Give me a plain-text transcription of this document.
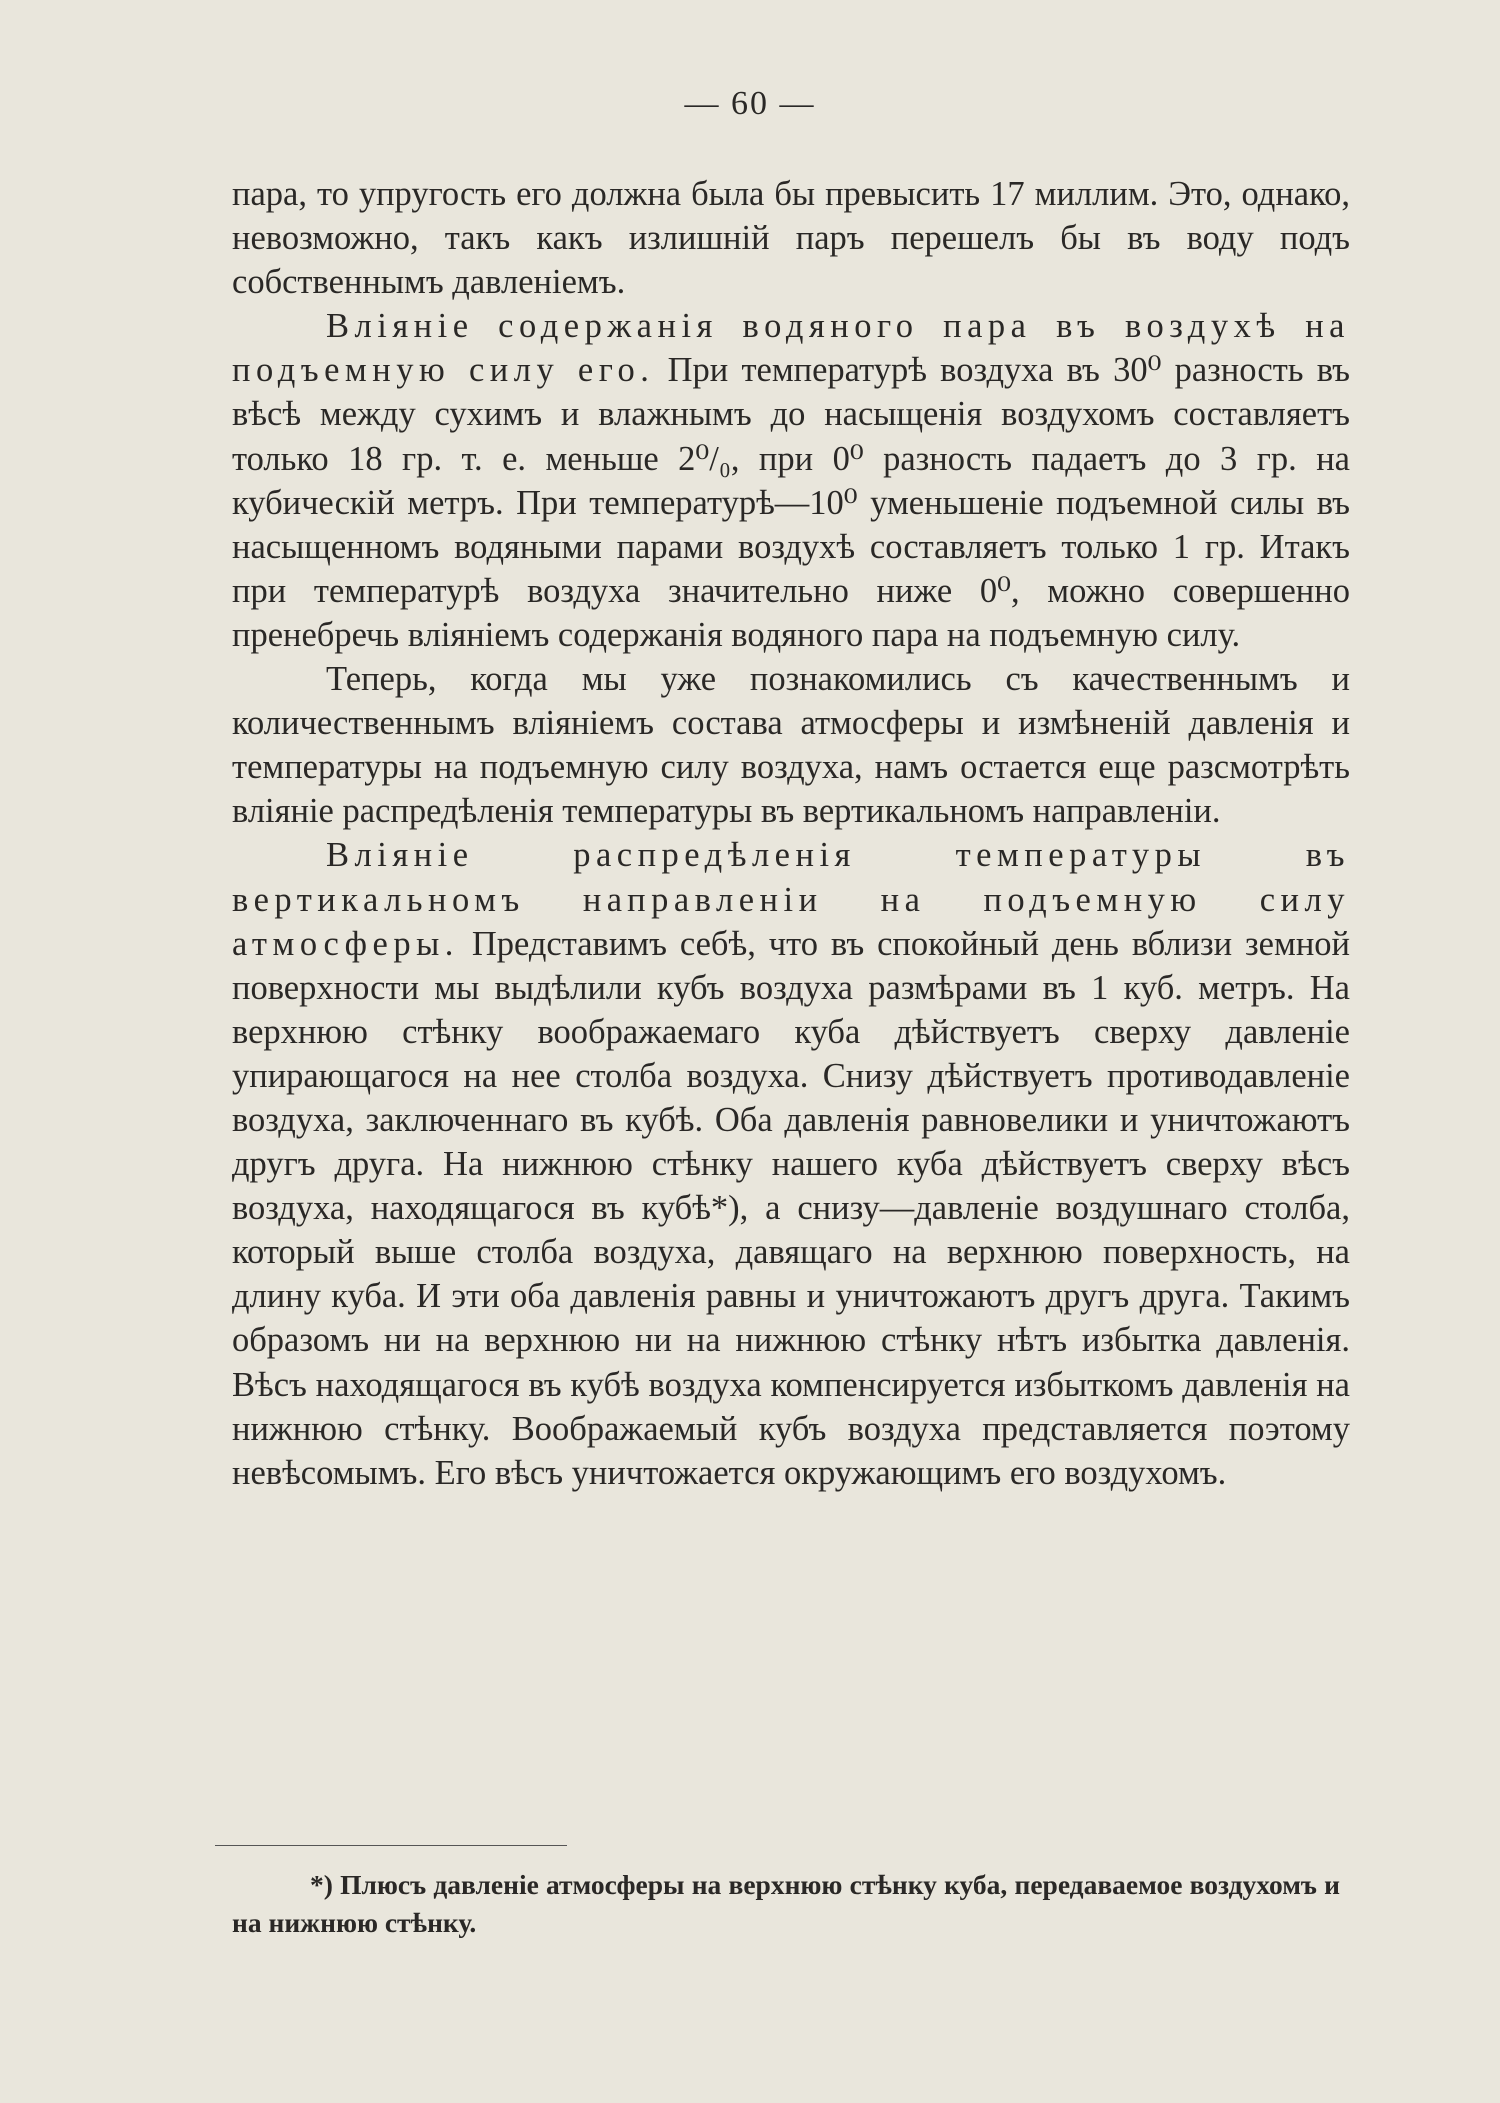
— 60 —

пара, то упругость его должна была бы превысить 17 миллим. Это, однако, невозможно, такъ какъ излишній паръ перешелъ бы въ воду подъ собственнымъ давленіемъ.

Вліяніе содержанія водяного пара въ воздухѣ на подъемную силу его. При температурѣ воздуха въ 30⁰ разность въ вѣсѣ между сухимъ и влажнымъ до насыщенія воздухомъ составляетъ только 18 гр. т. е. меньше 2⁰/₀, при 0⁰ разность падаетъ до 3 гр. на кубическій метръ. При температурѣ—10⁰ уменьшеніе подъемной силы въ насыщенномъ водяными парами воздухѣ составляетъ только 1 гр. Итакъ при температурѣ воздуха значительно ниже 0⁰, можно совершенно пренебречь вліяніемъ содержанія водяного пара на подъемную силу.

Теперь, когда мы уже познакомились съ качественнымъ и количественнымъ вліяніемъ состава атмосферы и измѣненій давленія и температуры на подъемную силу воздуха, намъ остается еще разсмотрѣть вліяніе распредѣленія температуры въ вертикальномъ направленіи.

Вліяніе распредѣленія температуры въ вертикальномъ направленіи на подъемную силу атмосферы. Представимъ себѣ, что въ спокойный день вблизи земной поверхности мы выдѣлили кубъ воздуха размѣрами въ 1 куб. метръ. На верхнюю стѣнку воображаемаго куба дѣйствуетъ сверху давленіе упирающагося на нее столба воздуха. Снизу дѣйствуетъ противодавленіе воздуха, заключеннаго въ кубѣ. Оба давленія равновелики и уничтожаютъ другъ друга. На нижнюю стѣнку нашего куба дѣйствуетъ сверху вѣсъ воздуха, находящагося въ кубѣ*), а снизу—давленіе воздушнаго столба, который выше столба воздуха, давящаго на верхнюю поверхность, на длину куба. И эти оба давленія равны и уничтожаютъ другъ друга. Такимъ образомъ ни на верхнюю ни на нижнюю стѣнку нѣтъ избытка давленія. Вѣсъ находящагося въ кубѣ воздуха компенсируется избыткомъ давленія на нижнюю стѣнку. Воображаемый кубъ воздуха представляется поэтому невѣсомымъ. Его вѣсъ уничтожается окружающимъ его воздухомъ.

*) Плюсъ давленіе атмосферы на верхнюю стѣнку куба, передаваемое воздухомъ и на нижнюю стѣнку.
